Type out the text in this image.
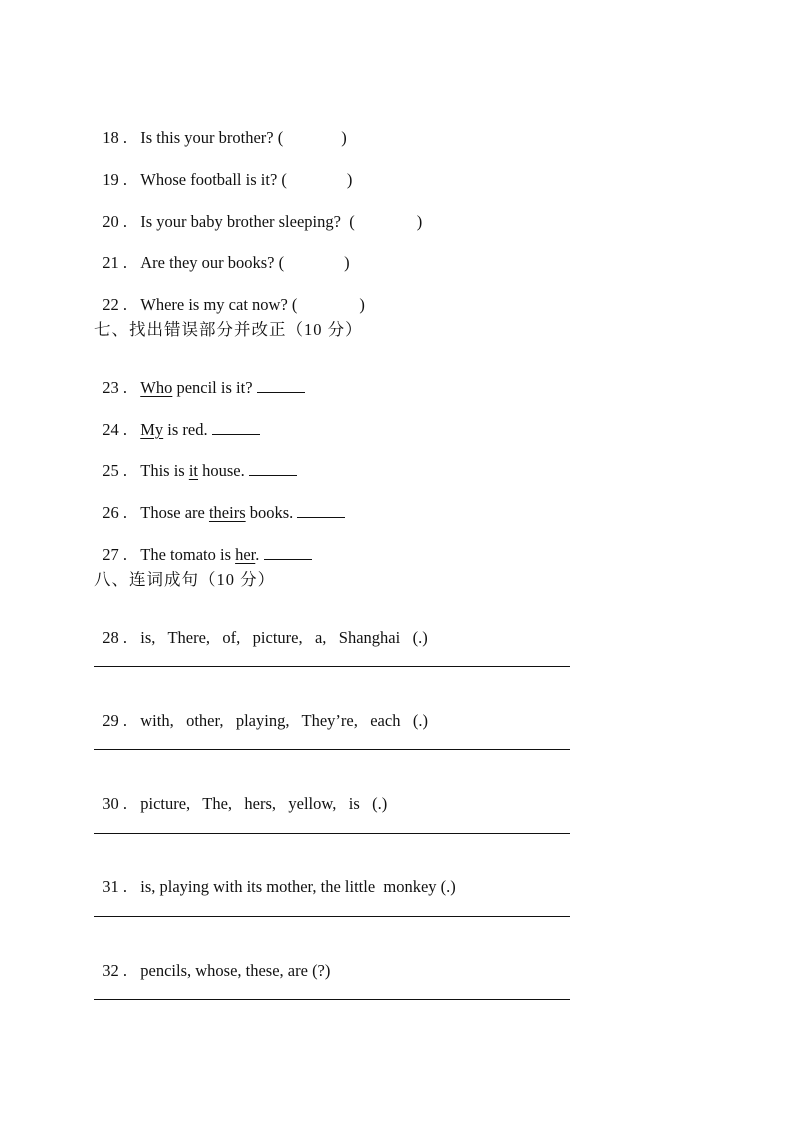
18 . Is this your brother? (	)

19 . Whose football is it? (	)

20 . Is your baby brother sleeping?  (	)

21 . Are they our books? (	)

22 . Where is my cat now? (	)

七、找出错误部分并改正（10 分）

23 . Who pencil is it?

24 . My is red.

25 . This is it house.

26 . Those are theirs books.

27 . The tomato is her.

八、连词成句（10 分）

28 . is,   There,   of,   picture,   a,   Shanghai   (.)

29 . with,   other,   playing,   They’re,   each   (.)

30 . picture,   The,   hers,   yellow,   is   (.)

31 . is, playing with its mother, the little  monkey (.)

32 . pencils, whose, these, are (?)
